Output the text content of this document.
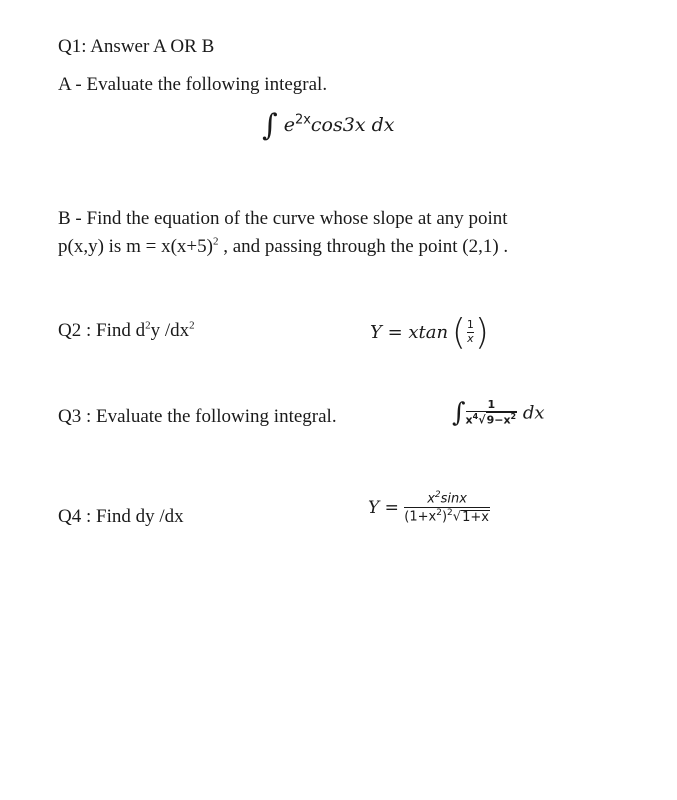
Q1: Answer A OR B
A - Evaluate the following integral.
∫ $e^{2x}\cos 3x$ dx
B - Find the equation of the curve whose slope at any point
p(x,y) is $m = x(x+5)^2$ , and passing through the point (2,1) .
Q2 : Find $d^2y$ $/dx^2$	Y = xtan ( $\frac{1}{x}$ )
Q3 : Evaluate the following integral.	∫ $\frac{1}{x^4√9-x^2}$ dx
Q4 : Find dy /dx	$Y = \frac{x^2\sin x}{(1+x^2)^2√1+x}$
